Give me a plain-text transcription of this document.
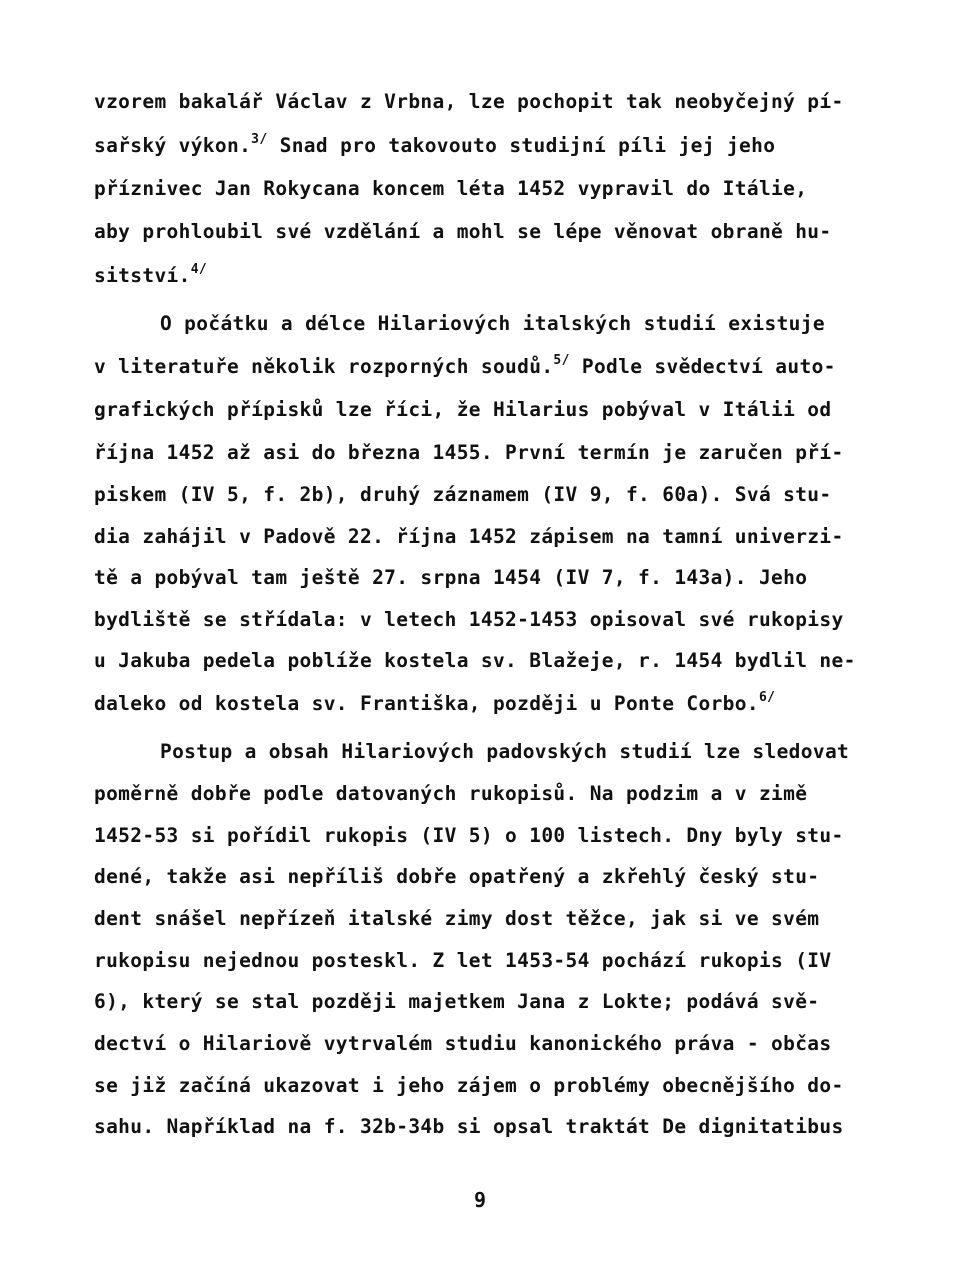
vzorem bakalář Václav z Vrbna, lze pochopit tak neobyčejný pí-
sařský výkon.$^{3/}$ Snad pro takovouto studijní píli jej jeho
příznivec Jan Rokycana koncem léta 1452 vypravil do Itálie,
aby prohloubil své vzdělání a mohl se lépe věnovat obraně hu-
sitství.$^{4/}$
O počátku a délce Hilariových italských studií existuje
v literatuře několik rozporných soudů.$^{5/}$ Podle svědectví auto-
grafických přípisků lze říci, že Hilarius pobýval v Itálii od
října 1452 až asi do března 1455. První termín je zaručen pří-
piskem (IV 5, f. 2b), druhý záznamem (IV 9, f. 60a). Svá stu-
dia zahájil v Padově 22. října 1452 zápisem na tamní univerzi-
tě a pobýval tam ještě 27. srpna 1454 (IV 7, f. 143a). Jeho
bydliště se střídala: v letech 1452-1453 opisoval své rukopisy
u Jakuba pedela poblíže kostela sv. Blažeje, r. 1454 bydlil ne-
daleko od kostela sv. Františka, později u Ponte Corbo.$^{6/}$
Postup a obsah Hilariových padovských studií lze sledovat
poměrně dobře podle datovaných rukopisů. Na podzim a v zimě
1452-53 si pořídil rukopis (IV 5) o 100 listech. Dny byly stu-
dené, takže asi nepříliš dobře opatřený a zkřehlý český stu-
dent snášel nepřízeň italské zimy dost těžce, jak si ve svém
rukopisu nejednou posteskl. Z let 1453-54 pochází rukopis (IV
6), který se stal později majetkem Jana z Lokte; podává svě-
dectví o Hilariově vytrvalém studiu kanonického práva - občas
se již začíná ukazovat i jeho zájem o problémy obecnějšího do-
sahu. Například na f. 32b-34b si opsal traktát De dignitatibus
9
